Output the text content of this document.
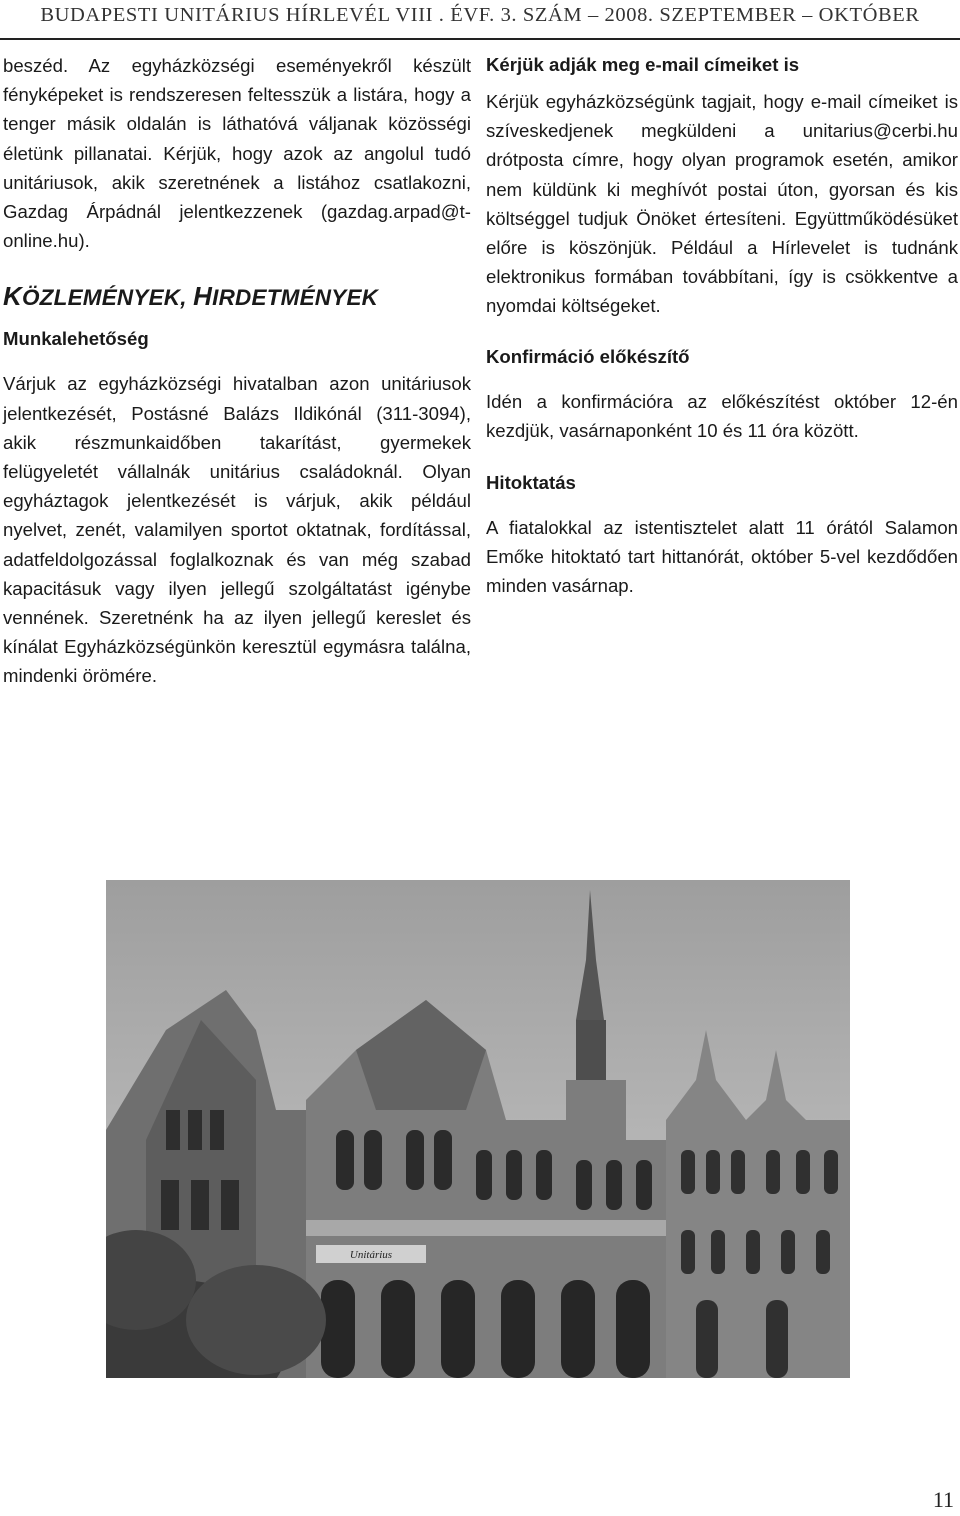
BUDAPESTI UNITÁRIUS HÍRLEVÉL VIII . ÉVF. 3. SZÁM – 2008. SZEPTEMBER – OKTÓBER

beszéd. Az egyházközségi eseményekről készült fényképeket is rendszeresen feltesszük a listára, hogy a tenger másik oldalán is láthatóvá váljanak közösségi életünk pillanatai. Kérjük, hogy azok az angolul tudó unitáriusok, akik szeretnének a listához csatlakozni, Gazdag Árpádnál jelentkezzenek (gazdag.arpad@t-online.hu).

KÖZLEMÉNYEK, HIRDETMÉNYEK
Munkalehetőség

Várjuk az egyházközségi hivatalban azon unitáriusok jelentkezését, Postásné Balázs Ildikónál (311-3094), akik részmunkaidőben takarítást, gyermekek felügyeletét vállalnák unitárius családoknál. Olyan egyháztagok jelentkezését is várjuk, akik például nyelvet, zenét, valamilyen sportot oktatnak, fordítással, adatfeldolgozással foglalkoznak és van még szabad kapacitásuk vagy ilyen jellegű szolgáltatást igénybe vennének. Szeretnénk ha az ilyen jellegű kereslet és kínálat Egyházközségünkön keresztül egymásra találna, mindenki örömére.

Kérjük adják meg e-mail címeiket is

Kérjük egyházközségünk tagjait, hogy e-mail címeiket is szíveskedjenek megküldeni a unitarius@cerbi.hu drótposta címre, hogy olyan programok esetén, amikor nem küldünk ki meghívót postai úton, gyorsan és kis költséggel tudjuk Önöket értesíteni. Együttműködésüket előre is köszönjük. Például a Hírlevelet is tudnánk elektronikus formában továbbítani, így is csökkentve a nyomdai költségeket.

Konfirmáció előkészítő

Idén a konfirmációra az előkészítést október 12-én kezdjük, vasárnaponként 10 és 11 óra között.

Hitoktatás

A fiatalokkal az istentisztelet alatt 11 órától Salamon Emőke hitoktató tart hittanórát, október 5-vel kezdődően minden vasárnap.

Unitárius
11
